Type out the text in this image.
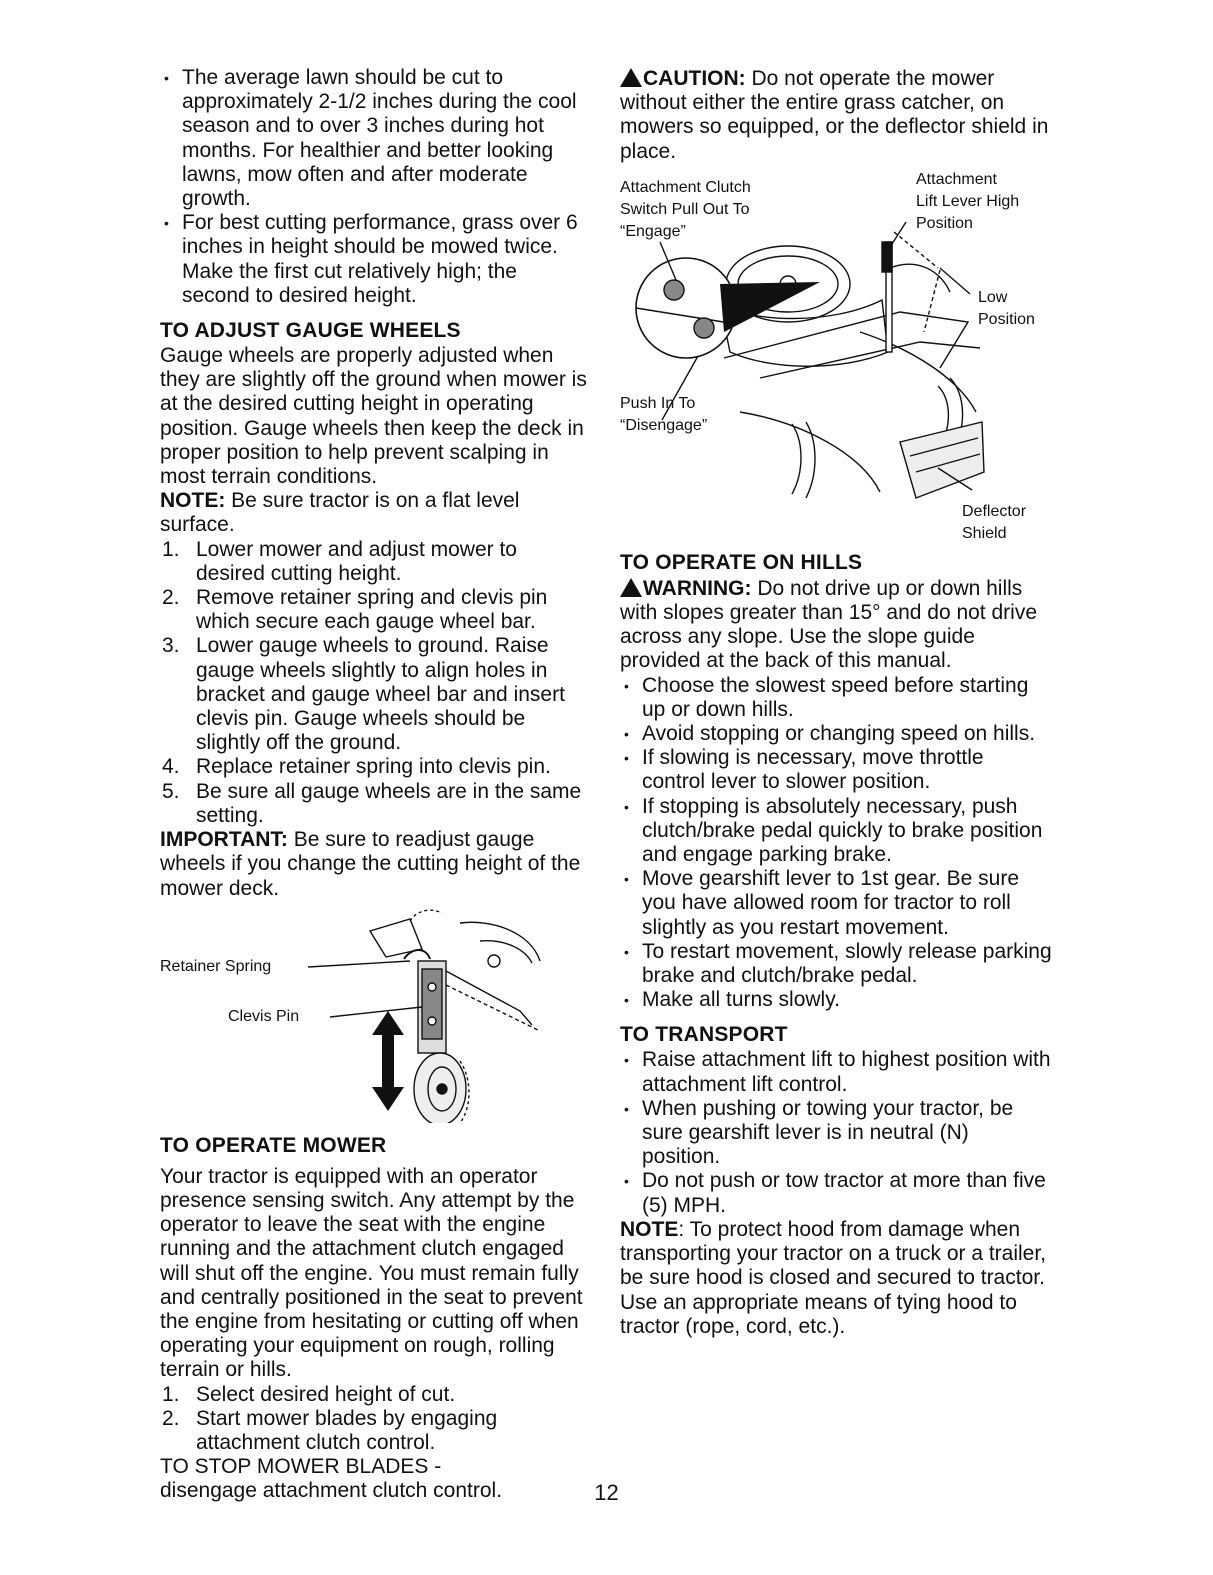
• The average lawn should be cut to approximately 2-1/2 inches during the cool season and to over 3 inches during hot months. For healthier and better looking lawns, mow often and after moderate growth.

• For best cutting performance, grass over 6 inches in height should be mowed twice. Make the first cut relatively high; the second to desired height.

TO ADJUST GAUGE WHEELS

Gauge wheels are properly adjusted when they are slightly off the ground when mower is at the desired cutting height in operating position. Gauge wheels then keep the deck in proper position to help prevent scalping in most terrain conditions.

NOTE: Be sure tractor is on a flat level surface.

1. Lower mower and adjust mower to desired cutting height.

2. Remove retainer spring and clevis pin which secure each gauge wheel bar.

3. Lower gauge wheels to ground. Raise gauge wheels slightly to align holes in bracket and gauge wheel bar and insert clevis pin. Gauge wheels should be slightly off the ground.

4. Replace retainer spring into clevis pin.

5. Be sure all gauge wheels are in the same setting.

IMPORTANT: Be sure to readjust gauge wheels if you change the cutting height of the mower deck.

Retainer Spring
Clevis Pin
TO OPERATE MOWER

Your tractor is equipped with an operator presence sensing switch. Any attempt by the operator to leave the seat with the engine running and the attachment clutch engaged will shut off the engine. You must remain fully and centrally positioned in the seat to prevent the engine from hesitating or cutting off when operating your equipment on rough, rolling terrain or hills.

1. Select desired height of cut.

2. Start mower blades by engaging attachment clutch control.

TO STOP MOWER BLADES -

disengage attachment clutch control.

CAUTION: Do not operate the mower without either the entire grass catcher, on mowers so equipped, or the deflector shield in place.

Attachment Clutch
Switch Pull Out To
“Engage”
Attachment
Lift Lever High
Position
Low
Position
Push In To
“Disengage”
Deflector
Shield
TO OPERATE ON HILLS

WARNING: Do not drive up or down hills with slopes greater than 15° and do not drive across any slope. Use the slope guide provided at the back of this manual.

• Choose the slowest speed before starting up or down hills.

• Avoid stopping or changing speed on hills.

• If slowing is necessary, move throttle control lever to slower position.

• If stopping is absolutely necessary, push clutch/brake pedal quickly to brake position and engage parking brake.

• Move gearshift lever to 1st gear. Be sure you have allowed room for tractor to roll slightly as you restart movement.

• To restart movement, slowly release parking brake and clutch/brake pedal.

• Make all turns slowly.

TO TRANSPORT

• Raise attachment lift to highest position with attachment lift control.

• When pushing or towing your tractor, be sure gearshift lever is in neutral (N) position.

• Do not push or tow tractor at more than five (5) MPH.

NOTE: To protect hood from damage when transporting your tractor on a truck or a trailer, be sure hood is closed and secured to tractor. Use an appropriate means of tying hood to tractor (rope, cord, etc.).

12
